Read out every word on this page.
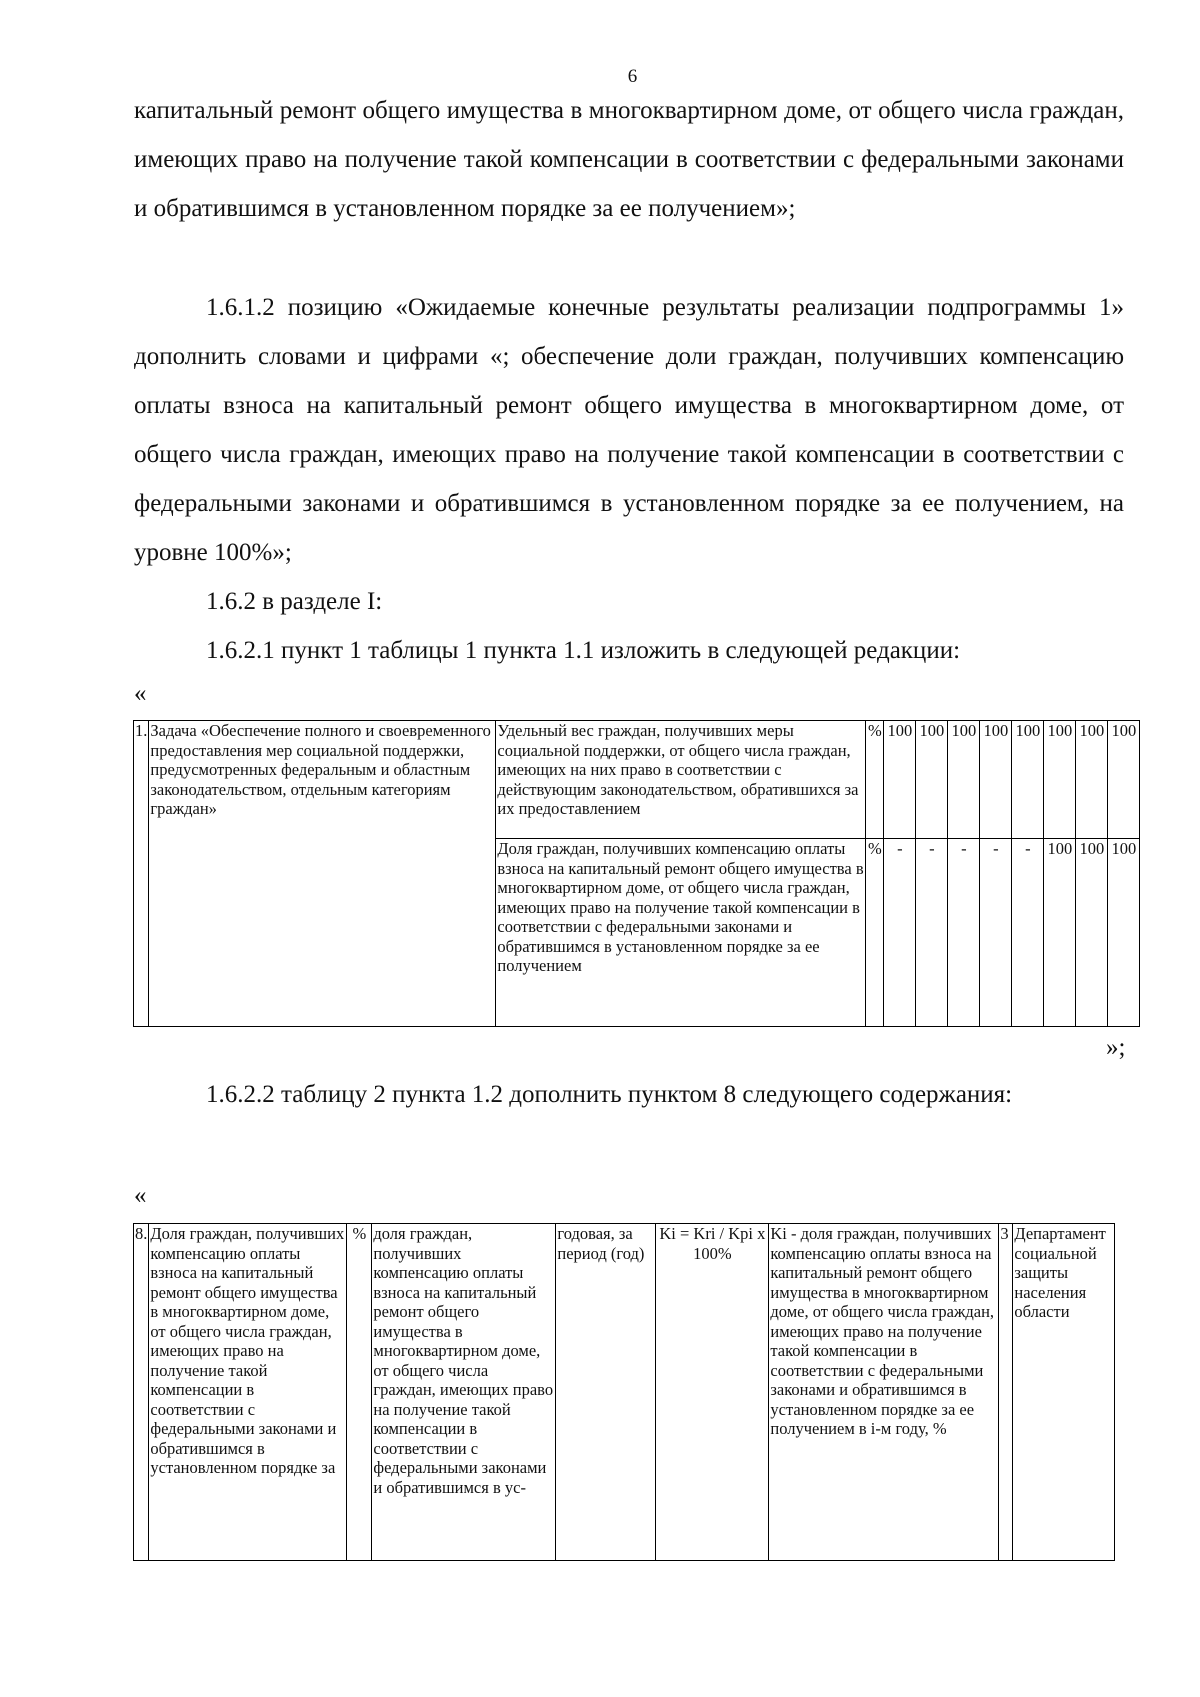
6

капитальный ремонт общего имущества в многоквартирном доме, от общего числа граждан, имеющих право на получение такой компенсации в соответствии с федеральными законами и обратившимся в установленном порядке за ее получением»;

1.6.1.2 позицию «Ожидаемые конечные результаты реализации подпрограммы 1» дополнить словами и цифрами «; обеспечение доли граждан, получивших компенсацию оплаты взноса на капитальный ремонт общего имущества в многоквартирном доме, от общего числа граждан, имеющих право на получение такой компенсации в соответствии с федеральными законами и обратившимся в установленном порядке за ее получением, на уровне 100%»;

1.6.2 в разделе I:

1.6.2.1 пункт 1 таблицы 1 пункта 1.1 изложить в следующей редакции:

«
1.	Задача «Обеспечение полного и своевременного предоставления мер социальной поддержки, предусмотренных федеральным и областным законодательством, отдельным категориям граждан»	Удельный вес граждан, получивших меры социальной поддержки, от общего числа граждан, имеющих на них право в соответствии с действующим законодательством, обратившихся за их предоставлением	%	100	100	100	100	100	100	100	100
		Доля граждан, получивших компенсацию оплаты взноса на капитальный ремонт общего имущества в многоквартирном доме, от общего числа граждан, имеющих право на получение такой компенсации в соответствии с федеральными законами и обратившимся в установленном порядке за ее получением	%	-	-	-	-	-	100	100	100
»;

1.6.2.2 таблицу 2 пункта 1.2 дополнить пунктом 8 следующего содержания:

«
8.	Доля граждан, получивших компенсацию оплаты взноса на капитальный ремонт общего имущества в многоквартирном доме, от общего числа граждан, имеющих право на получение такой компенсации в соответствии с федеральными законами и обратившимся в установленном порядке за	%	доля граждан, получивших компенсацию оплаты взноса на капитальный ремонт общего имущества в многоквартирном доме, от общего числа граждан, имеющих право на получение такой компенсации в соответствии с федеральными законами и обратившимся в ус-	годовая, за период (год)	Ki = Kri / Kpi x 100%	Ki - доля граждан, получивших компенсацию оплаты взноса на капитальный ремонт общего имущества в многоквартирном доме, от общего числа граждан, имеющих право на получение такой компенсации в соответствии с федеральными законами и обратившимся в установленном порядке за ее получением в i-м году, %	3	Департамент социальной защиты населения области
